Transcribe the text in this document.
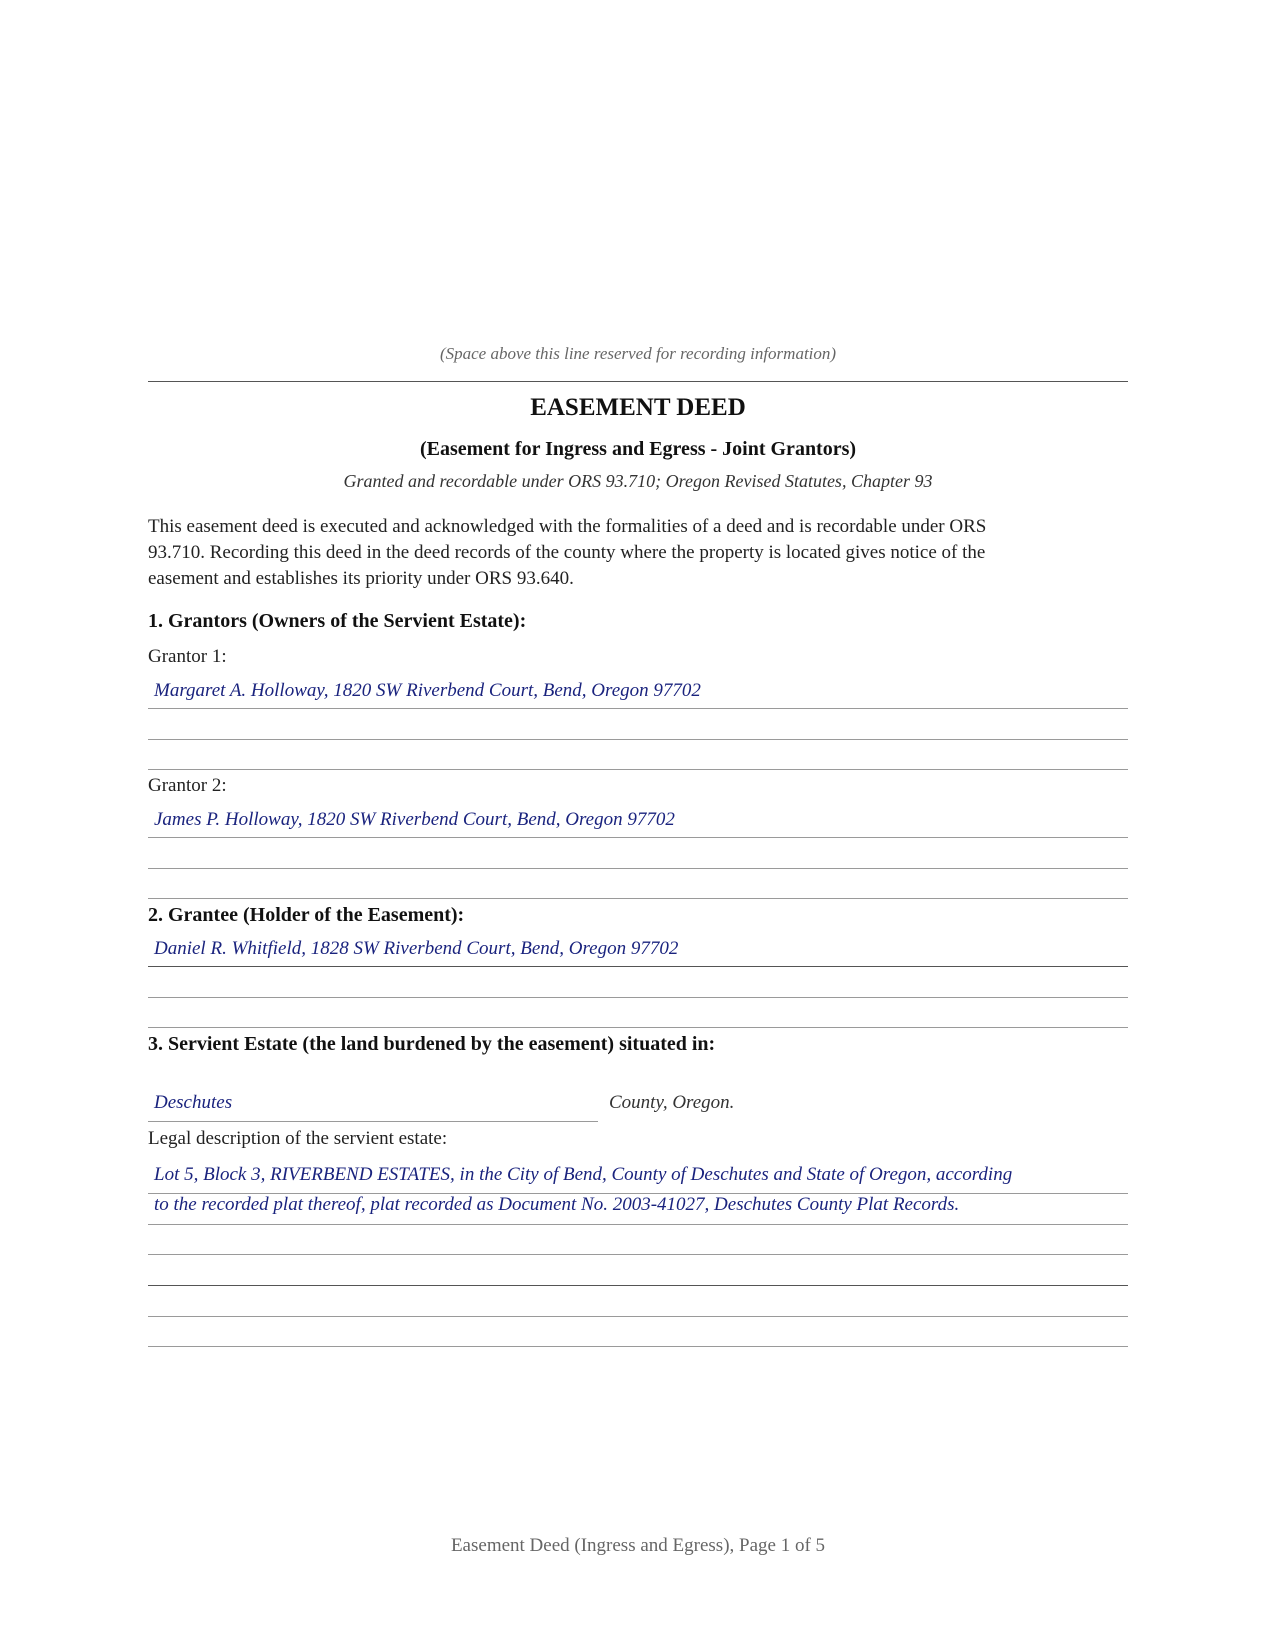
(Space above this line reserved for recording information)
EASEMENT DEED
(Easement for Ingress and Egress - Joint Grantors)
Granted and recordable under ORS 93.710; Oregon Revised Statutes, Chapter 93
This easement deed is executed and acknowledged with the formalities of a deed and is recordable under ORS
93.710. Recording this deed in the deed records of the county where the property is located gives notice of the
easement and establishes its priority under ORS 93.640.
1. Grantors (Owners of the Servient Estate):
Grantor 1:
Margaret A. Holloway, 1820 SW Riverbend Court, Bend, Oregon 97702
Grantor 2:
James P. Holloway, 1820 SW Riverbend Court, Bend, Oregon 97702
2. Grantee (Holder of the Easement):
Daniel R. Whitfield, 1828 SW Riverbend Court, Bend, Oregon 97702
3. Servient Estate (the land burdened by the easement) situated in:
Deschutes	County, Oregon.
Legal description of the servient estate:
Lot 5, Block 3, RIVERBEND ESTATES, in the City of Bend, County of Deschutes and State of Oregon, according
to the recorded plat thereof, plat recorded as Document No. 2003-41027, Deschutes County Plat Records.
Easement Deed (Ingress and Egress), Page 1 of 5
